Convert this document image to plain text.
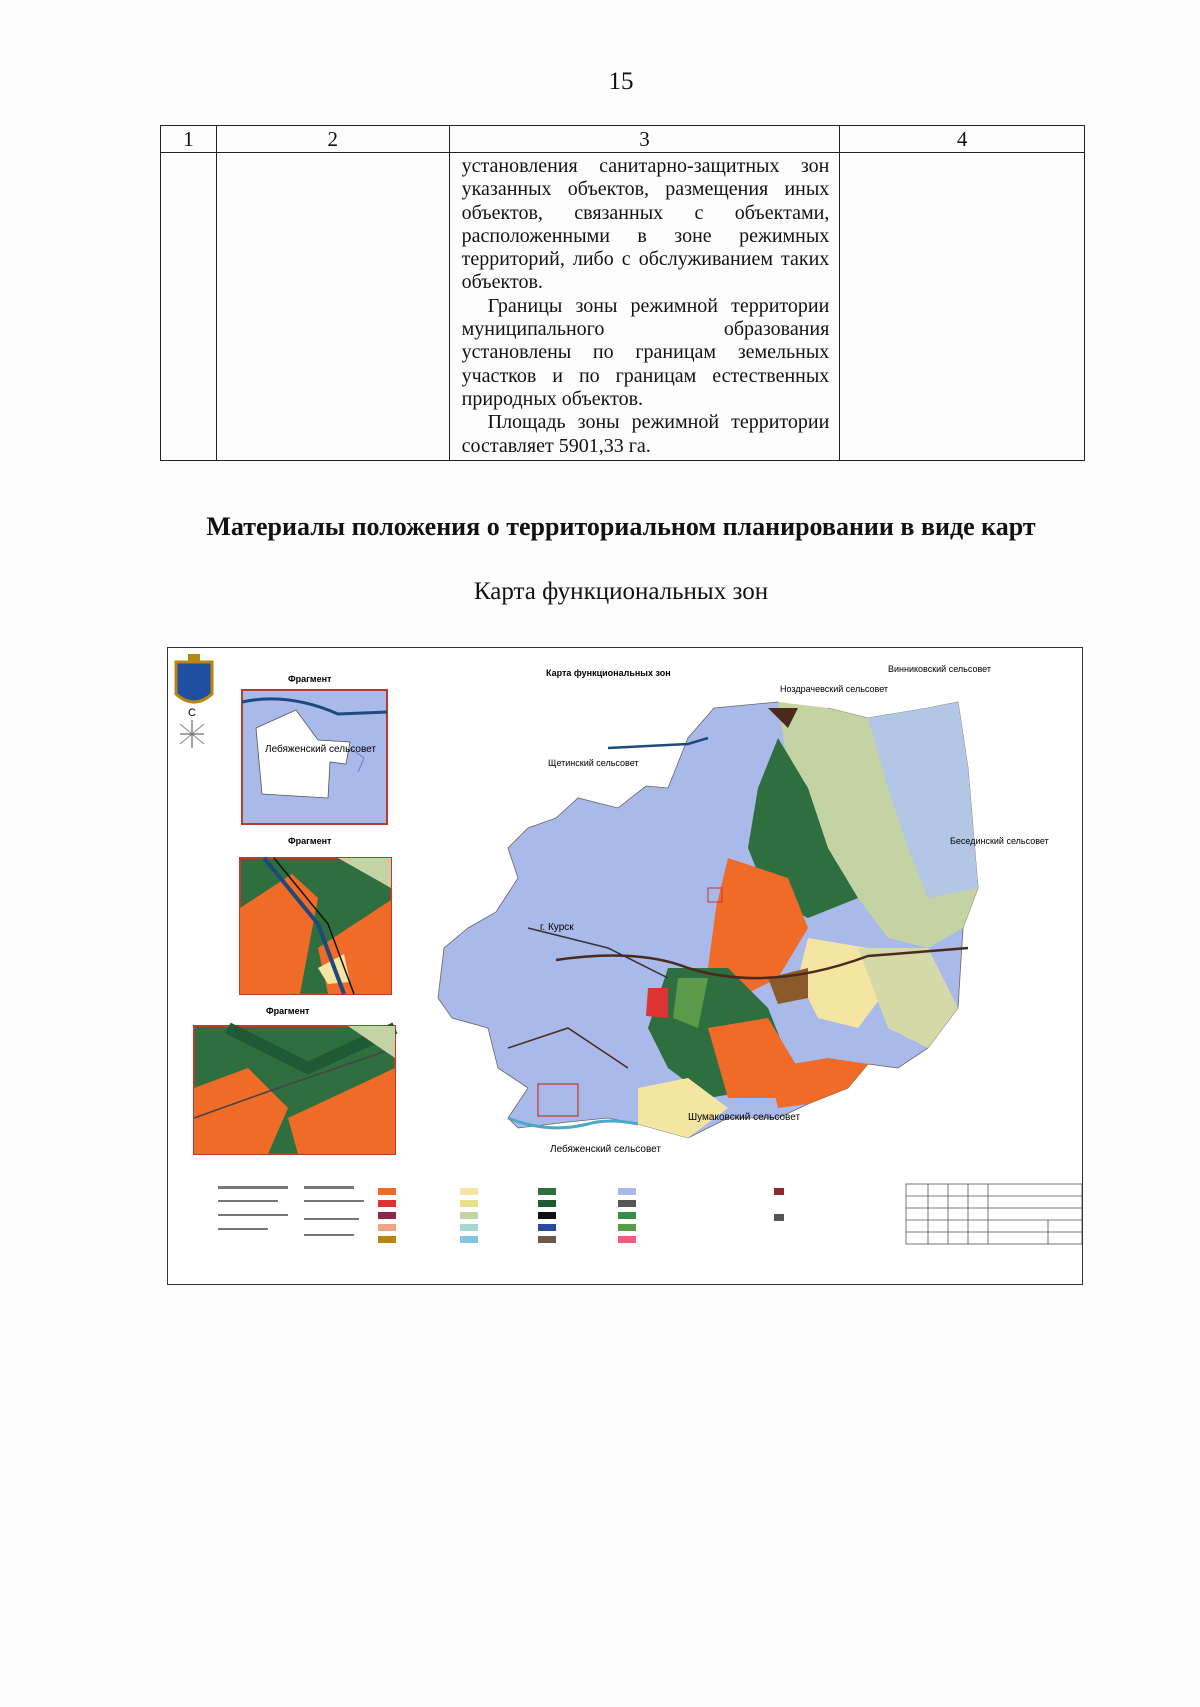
15
1	2	3	4

		установления санитарно-защитных зон указанных объектов, размещения иных объектов, связанных с объектами, расположенными в зоне режимных территорий, либо с обслуживанием таких объектов.

Границы зоны режимной территории муниципального образования установлены по границам земельных участков и по границам естественных природных объектов.

Площадь зоны режимной территории составляет 5901,33 га.	

Материалы положения о территориальном планировании в виде карт
Карта функциональных зон
С
Фрагмент
Лебяженский сельсовет
Фрагмент
Фрагмент
Карта функциональных зон	Винниковский сельсовет
Ноздрачевский сельсовет
Щетинский сельсовет
Бесединский сельсовет
г. Курск
Шумаковский сельсовет
Лебяженский сельсовет
